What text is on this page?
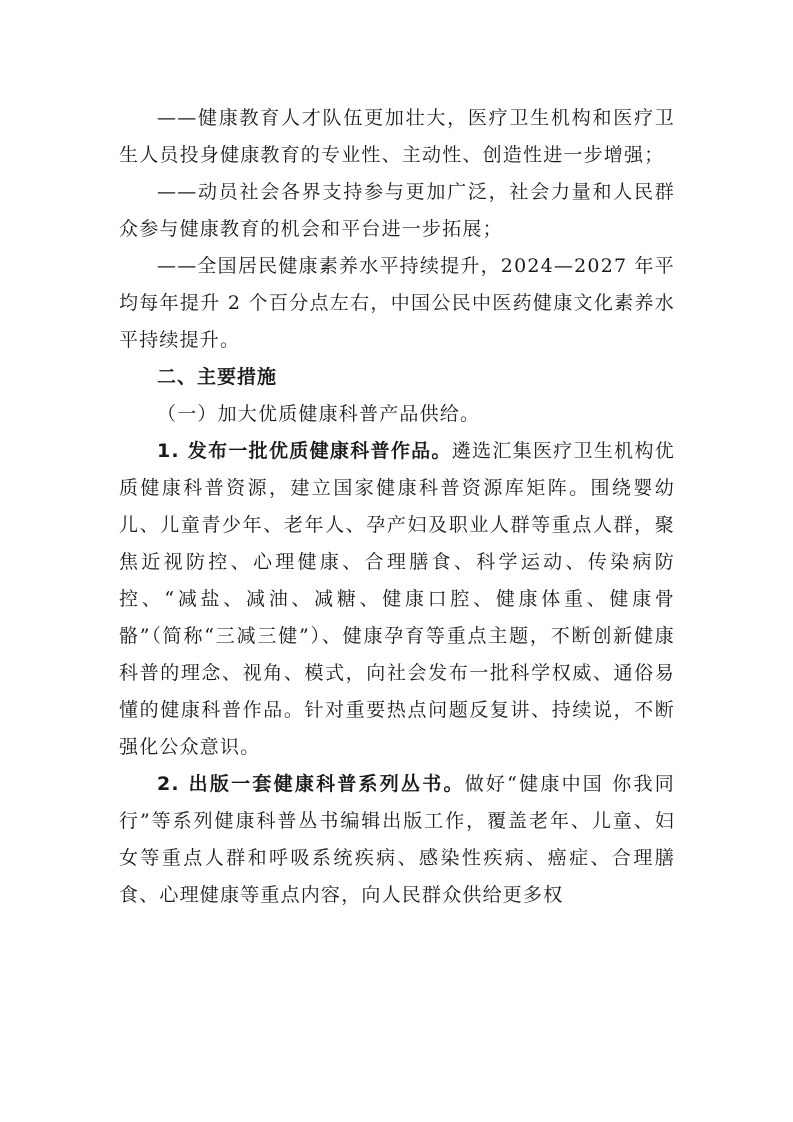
——健康教育人才队伍更加壮大，医疗卫生机构和医疗卫生人员投身健康教育的专业性、主动性、创造性进一步增强；

——动员社会各界支持参与更加广泛，社会力量和人民群众参与健康教育的机会和平台进一步拓展；

——全国居民健康素养水平持续提升，2024—2027 年平均每年提升 2 个百分点左右，中国公民中医药健康文化素养水平持续提升。

二、主要措施

（一）加大优质健康科普产品供给。

1. 发布一批优质健康科普作品。遴选汇集医疗卫生机构优质健康科普资源，建立国家健康科普资源库矩阵。围绕婴幼儿、儿童青少年、老年人、孕产妇及职业人群等重点人群，聚焦近视防控、心理健康、合理膳食、科学运动、传染病防控、“减盐、减油、减糖、健康口腔、健康体重、健康骨骼”（简称“三减三健”）、健康孕育等重点主题，不断创新健康科普的理念、视角、模式，向社会发布一批科学权威、通俗易懂的健康科普作品。针对重要热点问题反复讲、持续说，不断强化公众意识。

2. 出版一套健康科普系列丛书。做好“健康中国 你我同行”等系列健康科普丛书编辑出版工作，覆盖老年、儿童、妇女等重点人群和呼吸系统疾病、感染性疾病、癌症、合理膳食、心理健康等重点内容，向人民群众供给更多权
